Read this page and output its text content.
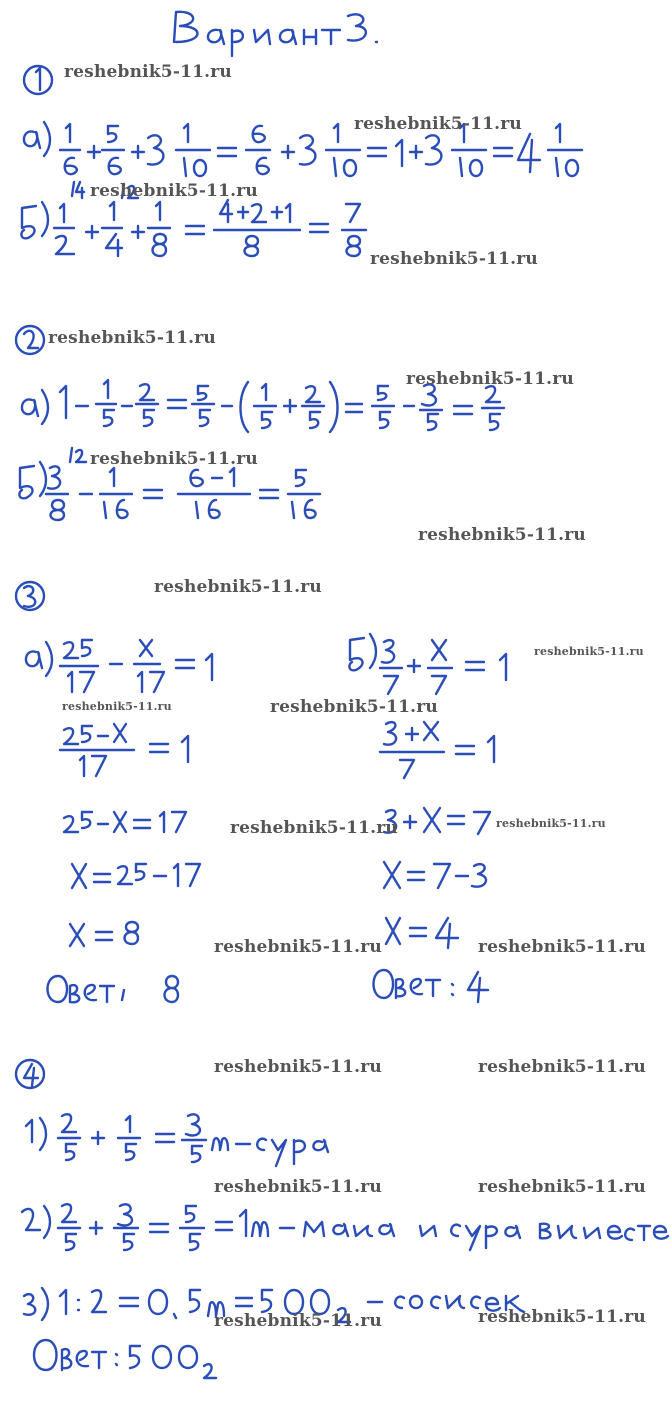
reshebnik5-11.ru
reshebnik5-11.ru
reshebnik5-11.ru
reshebnik5-11.ru
reshebnik5-11.ru
reshebnik5-11.ru
reshebnik5-11.ru
reshebnik5-11.ru
reshebnik5-11.ru
reshebnik5-11.ru
reshebnik5-11.ru	reshebnik5-11.ru
reshebnik5-11.ru	reshebnik5-11.ru
reshebnik5-11.ru	reshebnik5-11.ru
reshebnik5-11.ru	reshebnik5-11.ru
reshebnik5-11.ru	reshebnik5-11.ru
reshebnik5-11.ru	reshebnik5-11.ru
